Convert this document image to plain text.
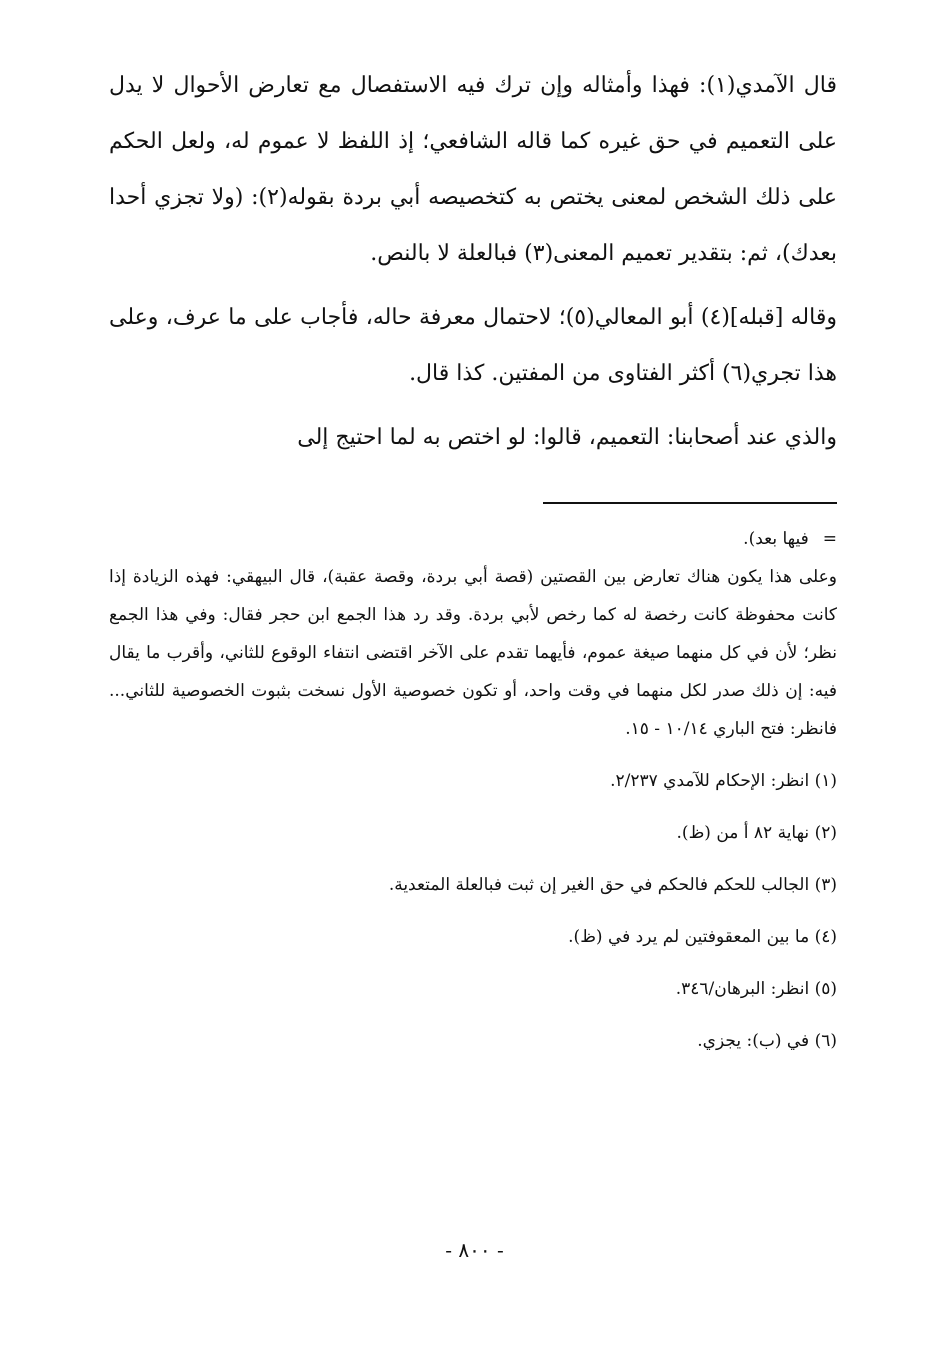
قال الآمدي(١): فهذا وأمثاله وإن ترك فيه الاستفصال مع تعارض الأحوال لا يدل على التعميم في حق غيره كما قاله الشافعي؛ إذ اللفظ لا عموم له، ولعل الحكم على ذلك الشخص لمعنى يختص به كتخصيصه أبي بردة بقوله(٢): (ولا تجزي أحدا بعدك)، ثم: بتقدير تعميم المعنى(٣) فبالعلة لا بالنص.

وقاله [قبله](٤) أبو المعالي(٥)؛ لاحتمال معرفة حاله، فأجاب على ما عرف، وعلى هذا تجري(٦) أكثر الفتاوى من المفتين. كذا قال.

والذي عند أصحابنا: التعميم، قالوا: لو اختص به لما احتيج إلى

=فيها بعد).

وعلى هذا يكون هناك تعارض بين القصتين (قصة أبي بردة، وقصة عقبة)، قال البيهقي: فهذه الزيادة إذا كانت محفوظة كانت رخصة له كما رخص لأبي بردة. وقد رد هذا الجمع ابن حجر فقال: وفي هذا الجمع نظر؛ لأن في كل منهما صيغة عموم، فأيهما تقدم على الآخر اقتضى انتفاء الوقوع للثاني، وأقرب ما يقال فيه: إن ذلك صدر لكل منهما في وقت واحد، أو تكون خصوصية الأول نسخت بثبوت الخصوصية للثاني... فانظر: فتح الباري ١٠/١٤ - ١٥.

(١) انظر: الإحكام للآمدي ٢/٢٣٧.

(٢) نهاية ٨٢ أ من (ظ).

(٣) الجالب للحكم فالحكم في حق الغير إن ثبت فبالعلة المتعدية.

(٤) ما بين المعقوفتين لم يرد في (ظ).

(٥) انظر: البرهان/٣٤٦.

(٦) في (ب): يجزي.

- ٨٠٠ -
